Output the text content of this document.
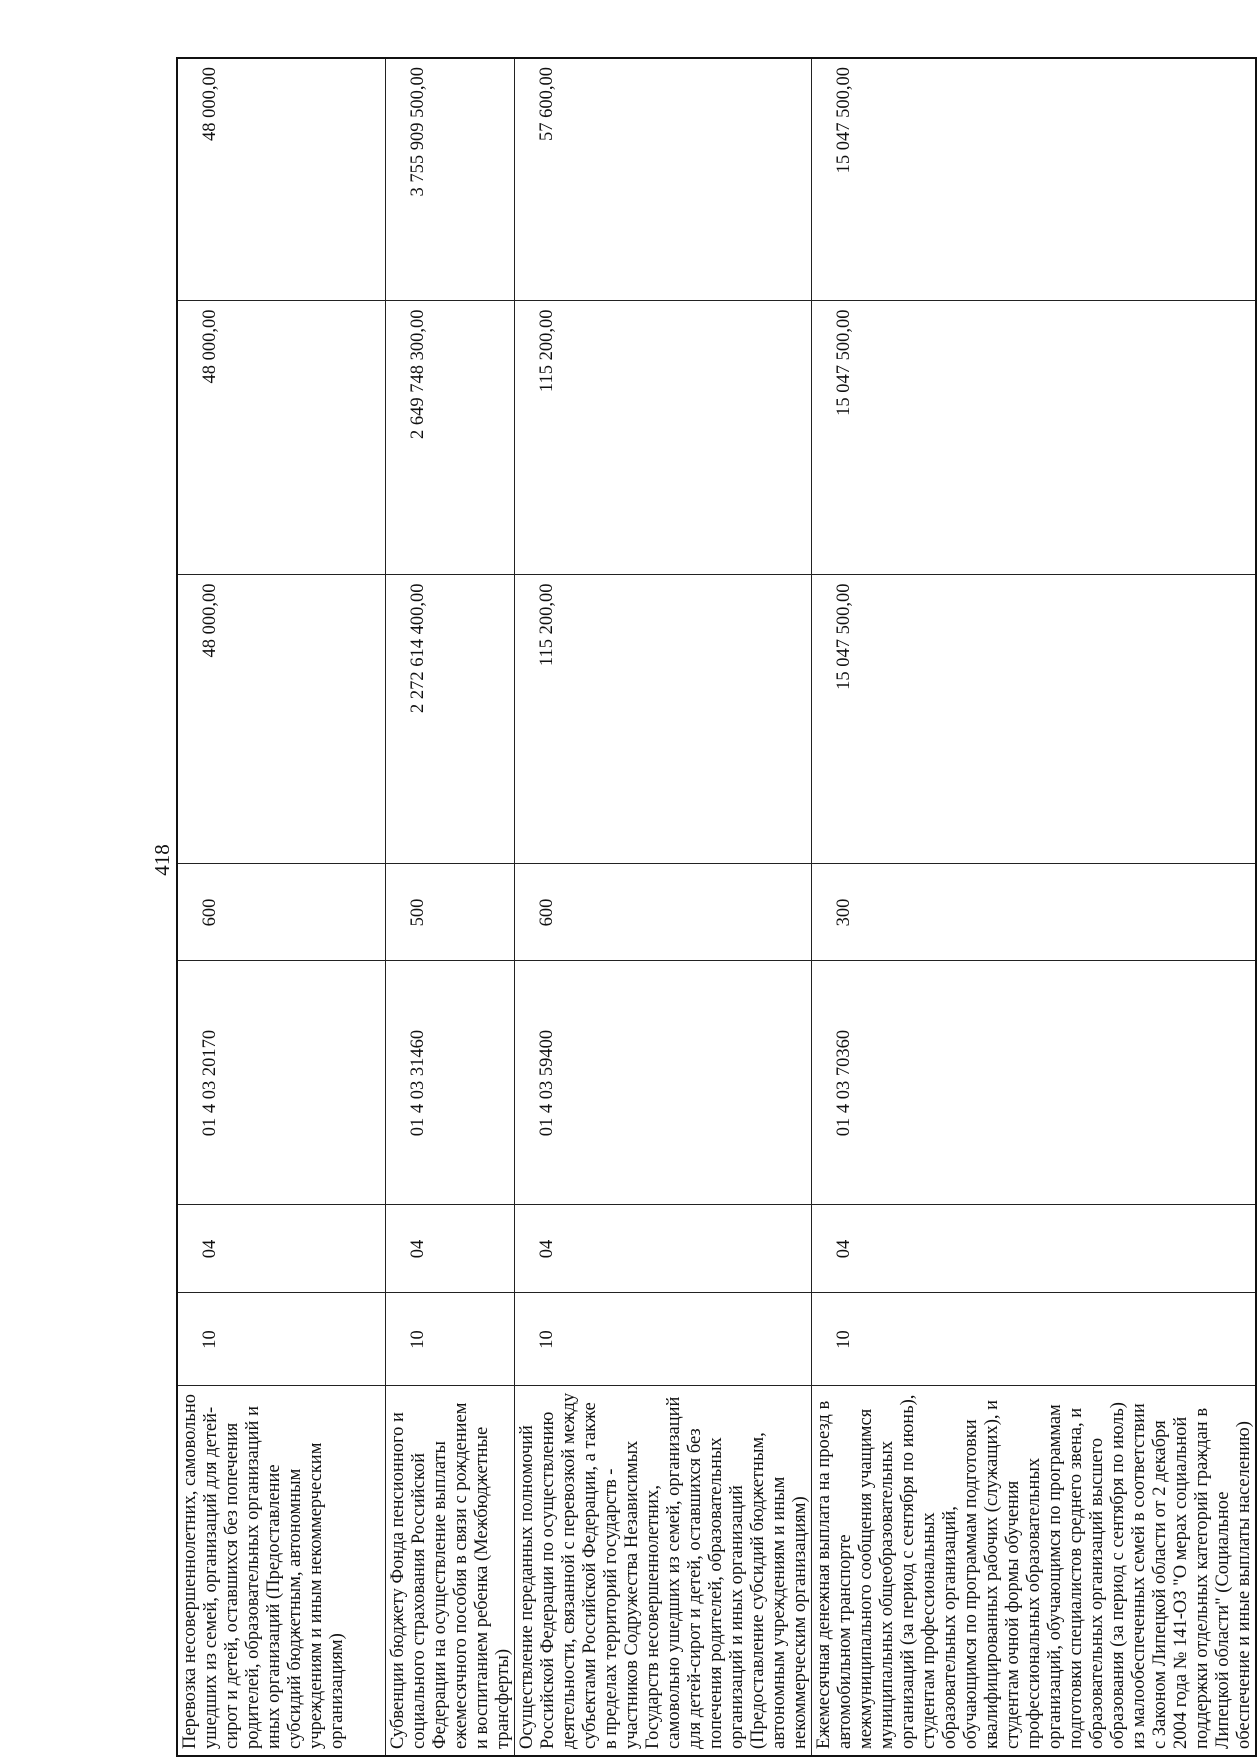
418
Перевозка несовершеннолетних, самовольно ушедших из семей, организаций для детей-сирот и детей, оставшихся без попечения родителей, образовательных организаций и иных организаций (Предоставление субсидий бюджетным, автономным учреждениям и иным некоммерческим организациям)	10	04	01 4 03 20170	600	48 000,00	48 000,00	48 000,00
Субвенции бюджету Фонда пенсионного и социального страхования Российской Федерации на осуществление выплаты ежемесячного пособия в связи с рождением и воспитанием ребенка (Межбюджетные трансферты)	10	04	01 4 03 31460	500	2 272 614 400,00	2 649 748 300,00	3 755 909 500,00
Осуществление переданных полномочий Российской Федерации по осуществлению деятельности, связанной с перевозкой между субъектами Российской Федерации, а также в пределах территорий государств - участников Содружества Независимых Государств несовершеннолетних, самовольно ушедших из семей, организаций для детей-сирот и детей, оставшихся без попечения родителей, образовательных организаций и иных организаций (Предоставление субсидий бюджетным, автономным учреждениям и иным некоммерческим организациям)	10	04	01 4 03 59400	600	115 200,00	115 200,00	57 600,00
Ежемесячная денежная выплата на проезд в автомобильном транспорте межмуниципального сообщения учащимся муниципальных общеобразовательных организаций (за период с сентября по июнь), студентам профессиональных образовательных организаций, обучающимся по программам подготовки квалифицированных рабочих (служащих), и студентам очной формы обучения профессиональных образовательных организаций, обучающимся по программам подготовки специалистов среднего звена, и образовательных организаций высшего образования (за период с сентября по июль) из малообеспеченных семей в соответствии с Законом Липецкой области от 2 декабря 2004 года № 141-ОЗ "О мерах социальной поддержки отдельных категорий граждан в Липецкой области" (Социальное обеспечение и иные выплаты населению)	10	04	01 4 03 70360	300	15 047 500,00	15 047 500,00	15 047 500,00
